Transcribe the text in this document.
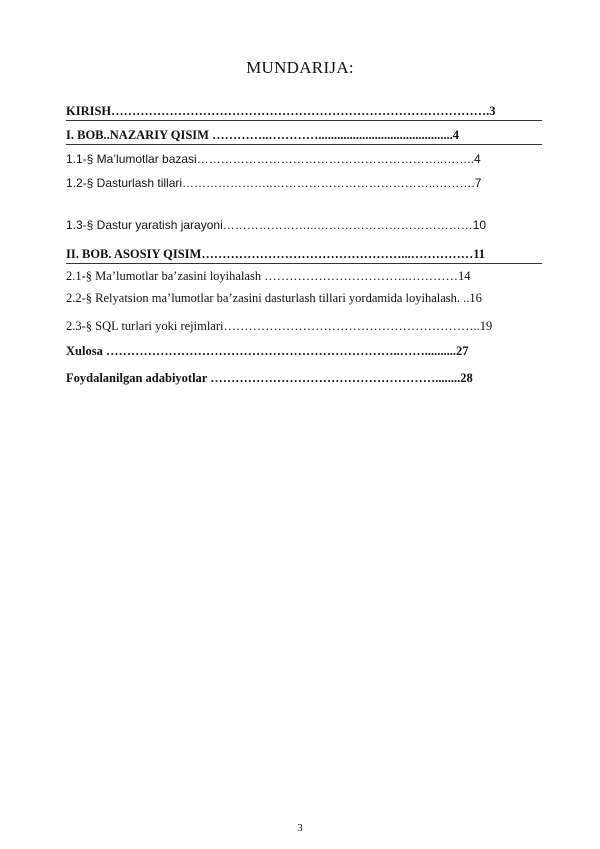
MUNDARIJA:
KIRISH……………………………………………………………………………….3
I. BOB..NAZARIY QISIM …………..…………...........................................4
1.1-§ Ma’lumotlar bazasi……………………………………………………..……..4
1.2-§ Dasturlash tillari…………………..…………………………………..……….7
1.3-§ Dastur yaratish jarayoni…………………...…………………………………10
II. BOB. ASOSIY QISIM…………………………………………...……………11
2.1-§ Ma’lumotlar ba’zasini loyihalash ……………………………..…………14
2.2-§ Relyatsion ma’lumotlar ba’zasini dasturlash tillari yordamida loyihalash. ..16
2.3-§ SQL turlari yoki rejimlari……………………………………………………..19
Xulosa ……………………………………………………………..……..........27
Foydalanilgan adabiyotlar ………………………………………………........28
3
